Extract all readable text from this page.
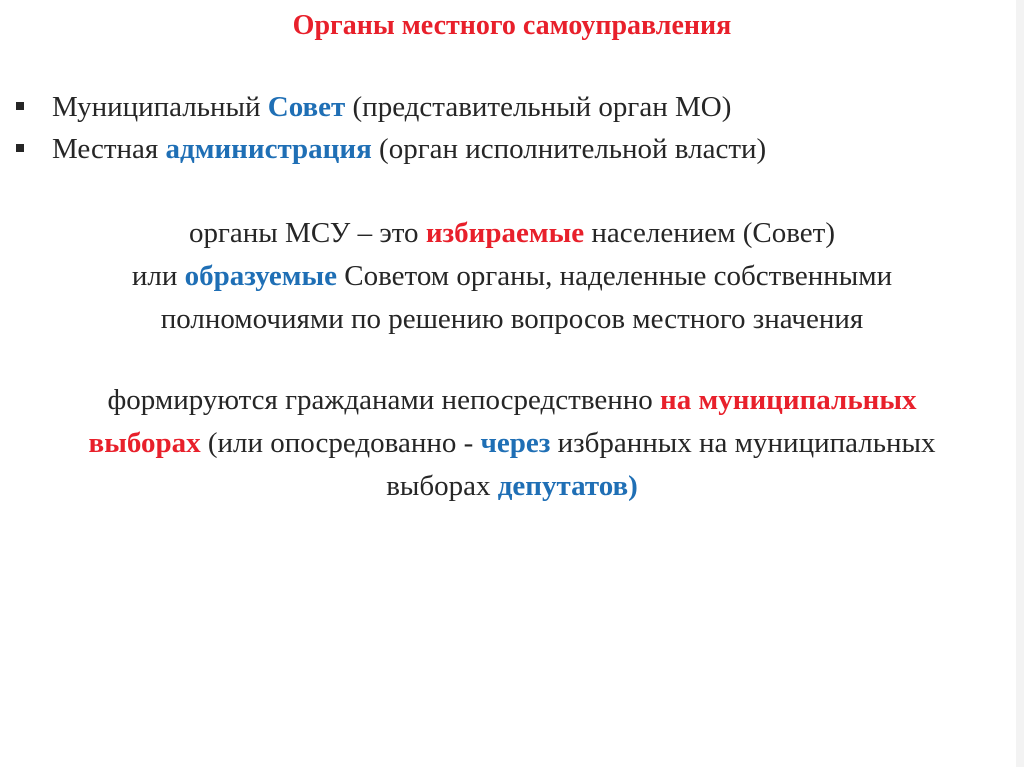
Органы местного самоуправления
Муниципальный Совет (представительный орган МО)
Местная администрация (орган исполнительной власти)

органы МСУ – это избираемые населением (Совет)
или образуемые Советом органы, наделенные собственными
полномочиями по решению вопросов местного значения

формируются гражданами непосредственно на муниципальных
выборах (или опосредованно - через избранных на муниципальных
выборах депутатов)
